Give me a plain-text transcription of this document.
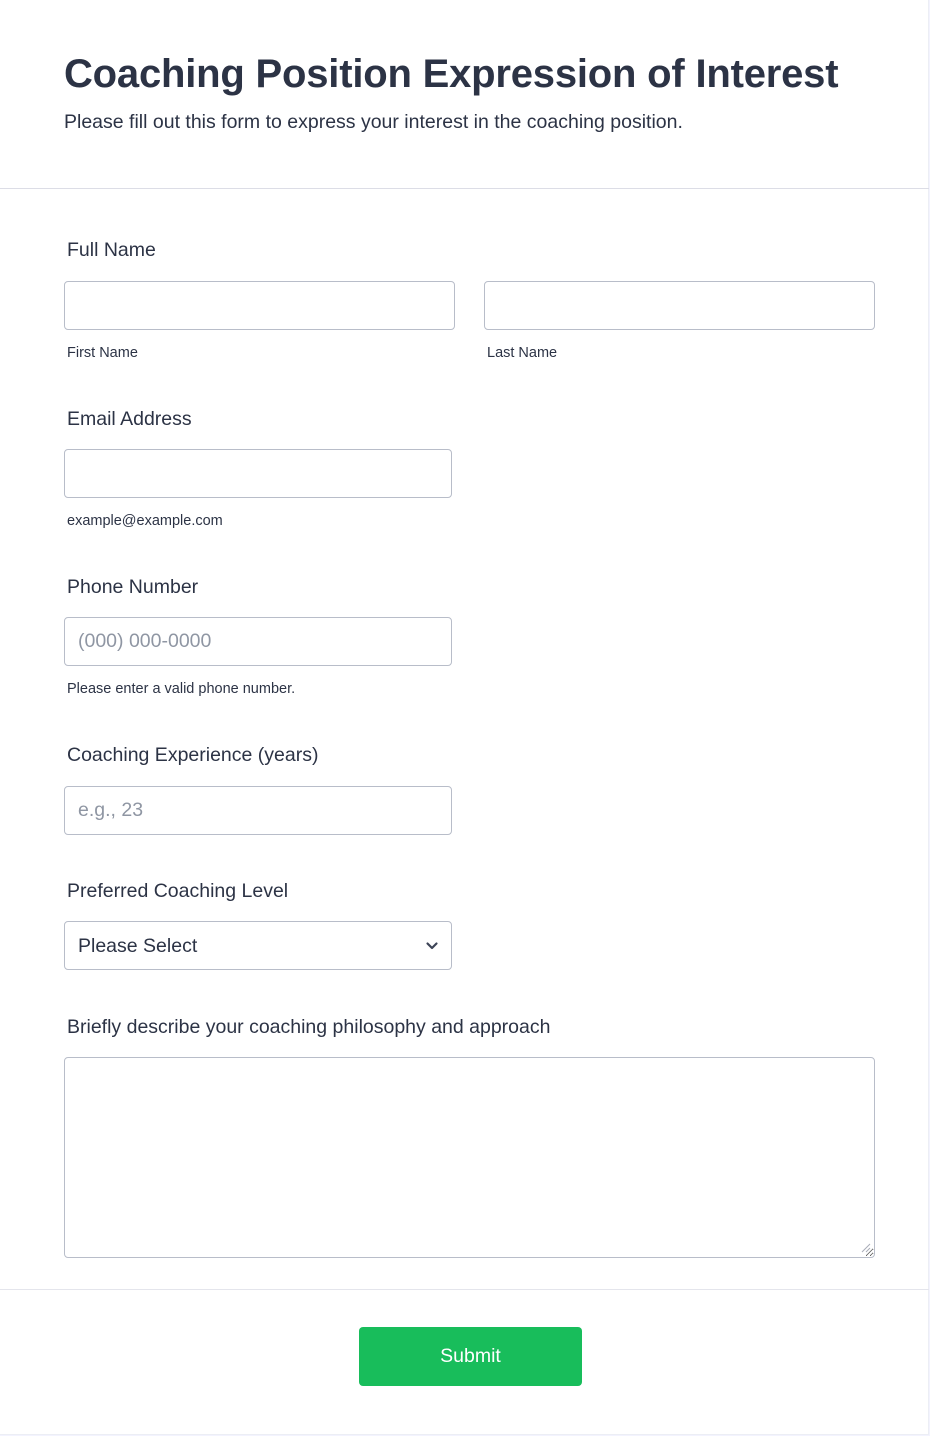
Coaching Position Expression of Interest

Please fill out this form to express your interest in the coaching position.

Full Name
First Name	Last Name
Email Address
example@example.com
Phone Number
(000) 000-0000
Please enter a valid phone number.
Coaching Experience (years)
e.g., 23
Preferred Coaching Level
Please Select
Briefly describe your coaching philosophy and approach
Submit
